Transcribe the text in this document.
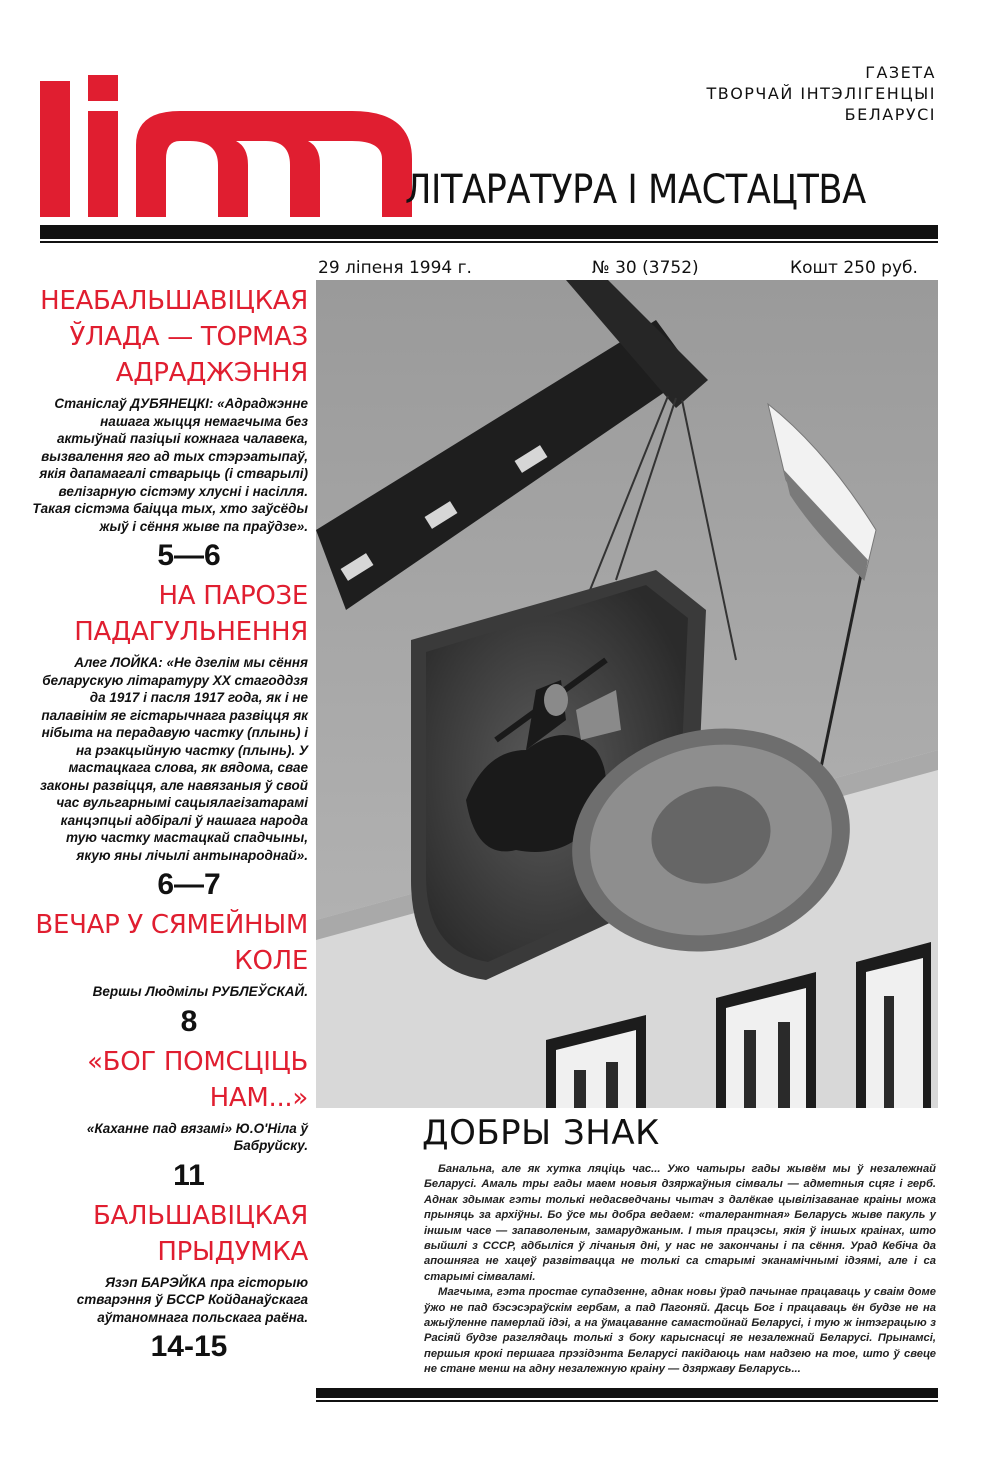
ГАЗЕТА
ТВОРЧАЙ ІНТЭЛІГЕНЦЫІ
БЕЛАРУСІ
ЛІТАРАТУРА І МАСТАЦТВА
29 ліпеня 1994 г.	№ 30 (3752)	Кошт 250 руб.
НЕАБАЛЬШАВІЦКАЯ ЎЛАДА — ТОРМАЗ АДРАДЖЭННЯ
Станіслаў ДУБЯНЕЦКІ: «Адраджэнне нашага жыцця немагчыма без актыўнай пазіцыі кожнага чалавека, вызвалення яго ад тых стэрэатыпаў, якія дапамагалі стварыць (і стварылі) велізарную сістэму хлусні і насілля. Такая сістэма баіцца тых, хто заўсёды жыў і сёння жыве па праўдзе».
5—6
НА ПАРОЗЕ ПАДАГУЛЬНЕННЯ
Алег ЛОЙКА: «Не дзелім мы сёння беларускую літаратуру ХХ стагоддзя да 1917 і пасля 1917 года, як і не палавінім яе гістарычнага развіцця як нібыта на перадавую частку (плынь) і на рэакцыйную частку (плынь). У мастацкага слова, як вядома, свае законы развіцця, але навязаныя ў свой час вульгарнымі сацыялагізатарамі канцэпцыі адбіралі ў нашага народа тую частку мастацкай спадчыны, якую яны лічылі антынароднай».
6—7
ВЕЧАР У СЯМЕЙНЫМ КОЛЕ
Вершы Людмілы РУБЛЕЎСКАЙ.
8
«БОГ ПОМСЦІЦЬ НАМ...»
«Каханне пад вязамі» Ю.О'Ніла ў Бабруйску.
11
БАЛЬШАВІЦКАЯ ПРЫДУМКА
Язэп БАРЭЙКА пра гісторыю стварэння ў БССР Койданаўскага аўтаномнага польскага раёна.
14-15
ДОБРЫ ЗНАК

Банальна, але як хутка ляціць час... Ужо чатыры гады жывём мы ў незалежнай Беларусі. Амаль тры гады маем новыя дзяржаўныя сімвалы — адметныя сцяг і герб. Аднак здымак гэты толькі недасведчаны чытач з далёкае цывілізаванае краіны можа прыняць за архіўны. Бо ўсе мы добра ведаем: «талерантная» Беларусь жыве пакуль у іншым часе — запаволеным, замаруджаным. І тыя працэсы, якія ў іншых краінах, што выйшлі з СССР, адбыліся ў лічаныя дні, у нас не закончаны і па сёння. Урад Кебіча да апошняга не хацеў развітвацца не толькі са старымі эканамічнымі ідэямі, але і са старымі сімваламі.

Магчыма, гэта простае супадзенне, аднак новы ўрад пачынае працаваць у сваім доме ўжо не пад бэсэсэраўскім гербам, а пад Пагоняй. Дасць Бог і працаваць ён будзе не на ажыўленне памерлай ідэі, а на ўмацаванне самастойнай Беларусі, і тую ж інтэграцыю з Расіяй будзе разглядаць толькі з боку карыснасці яе незалежнай Беларусі. Прынамсі, першыя крокі першага прэзідэнта Беларусі пакідаюць нам надзею на тое, што ў свеце не стане менш на адну незалежную краіну — дзяржаву Беларусь...
